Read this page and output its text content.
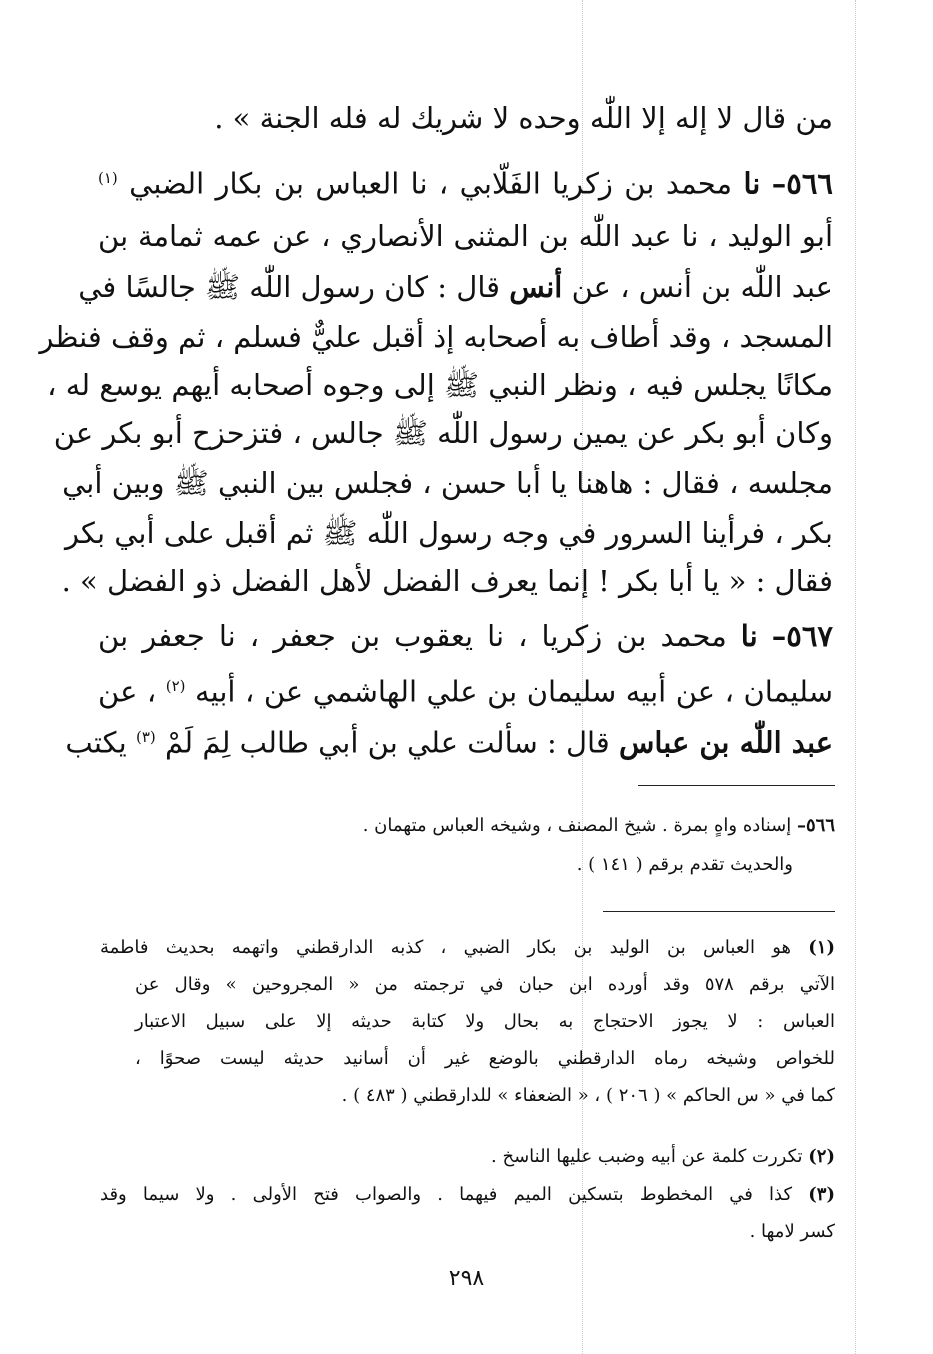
من قال لا إله إلا اللّٰه وحده لا شريك له فله الجنة » .
٥٦٦– نا محمد بن زكريا الفَلّابي ، نا العباس بن بكار الضبي $^{(١)}$
أبو الوليد ، نا عبد اللّٰه بن المثنى الأنصاري ، عن عمه ثمامة بن
عبد اللّٰه بن أنس ، عن أنس قال : كان رسول اللّٰه ﷺ جالسًا في
المسجد ، وقد أطاف به أصحابه إذ أقبل عليٌّ فسلم ، ثم وقف فنظر
مكانًا يجلس فيه ، ونظر النبي ﷺ إلى وجوه أصحابه أيهم يوسع له ،
وكان أبو بكر عن يمين رسول اللّٰه ﷺ جالس ، فتزحزح أبو بكر عن
مجلسه ، فقال : هاهنا يا أبا حسن ، فجلس بين النبي ﷺ وبين أبي
بكر ، فرأينا السرور في وجه رسول اللّٰه ﷺ ثم أقبل على أبي بكر
فقال : « يا أبا بكر ! إنما يعرف الفضل لأهل الفضل ذو الفضل » .
٥٦٧– نا محمد بن زكريا ، نا يعقوب بن جعفر ، نا جعفر بن
سليمان ، عن أبيه سليمان بن علي الهاشمي عن ، أبيه $^{(٢)}$ ، عن
عبد اللّٰه بن عباس قال : سألت علي بن أبي طالب لِمَ لَمْ $^{(٣)}$ يكتب
٥٦٦– إسناده واهٍ بمرة . شيخ المصنف ، وشيخه العباس متهمان .
والحديث تقدم برقم ( ١٤١ ) .
(١) هو العباس بن الوليد بن بكار الضبي ، كذبه الدارقطني واتهمه بحديث فاطمة
الآتي برقم ٥٧٨ وقد أورده ابن حبان في ترجمته من « المجروحين » وقال عن
العباس : لا يجوز الاحتجاج به بحال ولا كتابة حديثه إلا على سبيل الاعتبار
للخواص وشيخه رماه الدارقطني بالوضع غير أن أسانيد حديثه ليست صحوًا ،
كما في « س الحاكم » ( ٢٠٦ ) ، « الضعفاء » للدارقطني ( ٤٨٣ ) .
(٢) تكررت كلمة عن أبيه وضبب عليها الناسخ .
(٣) كذا في المخطوط بتسكين الميم فيهما . والصواب فتح الأولى . ولا سيما وقد
كسر لامها .
٢٩٨
